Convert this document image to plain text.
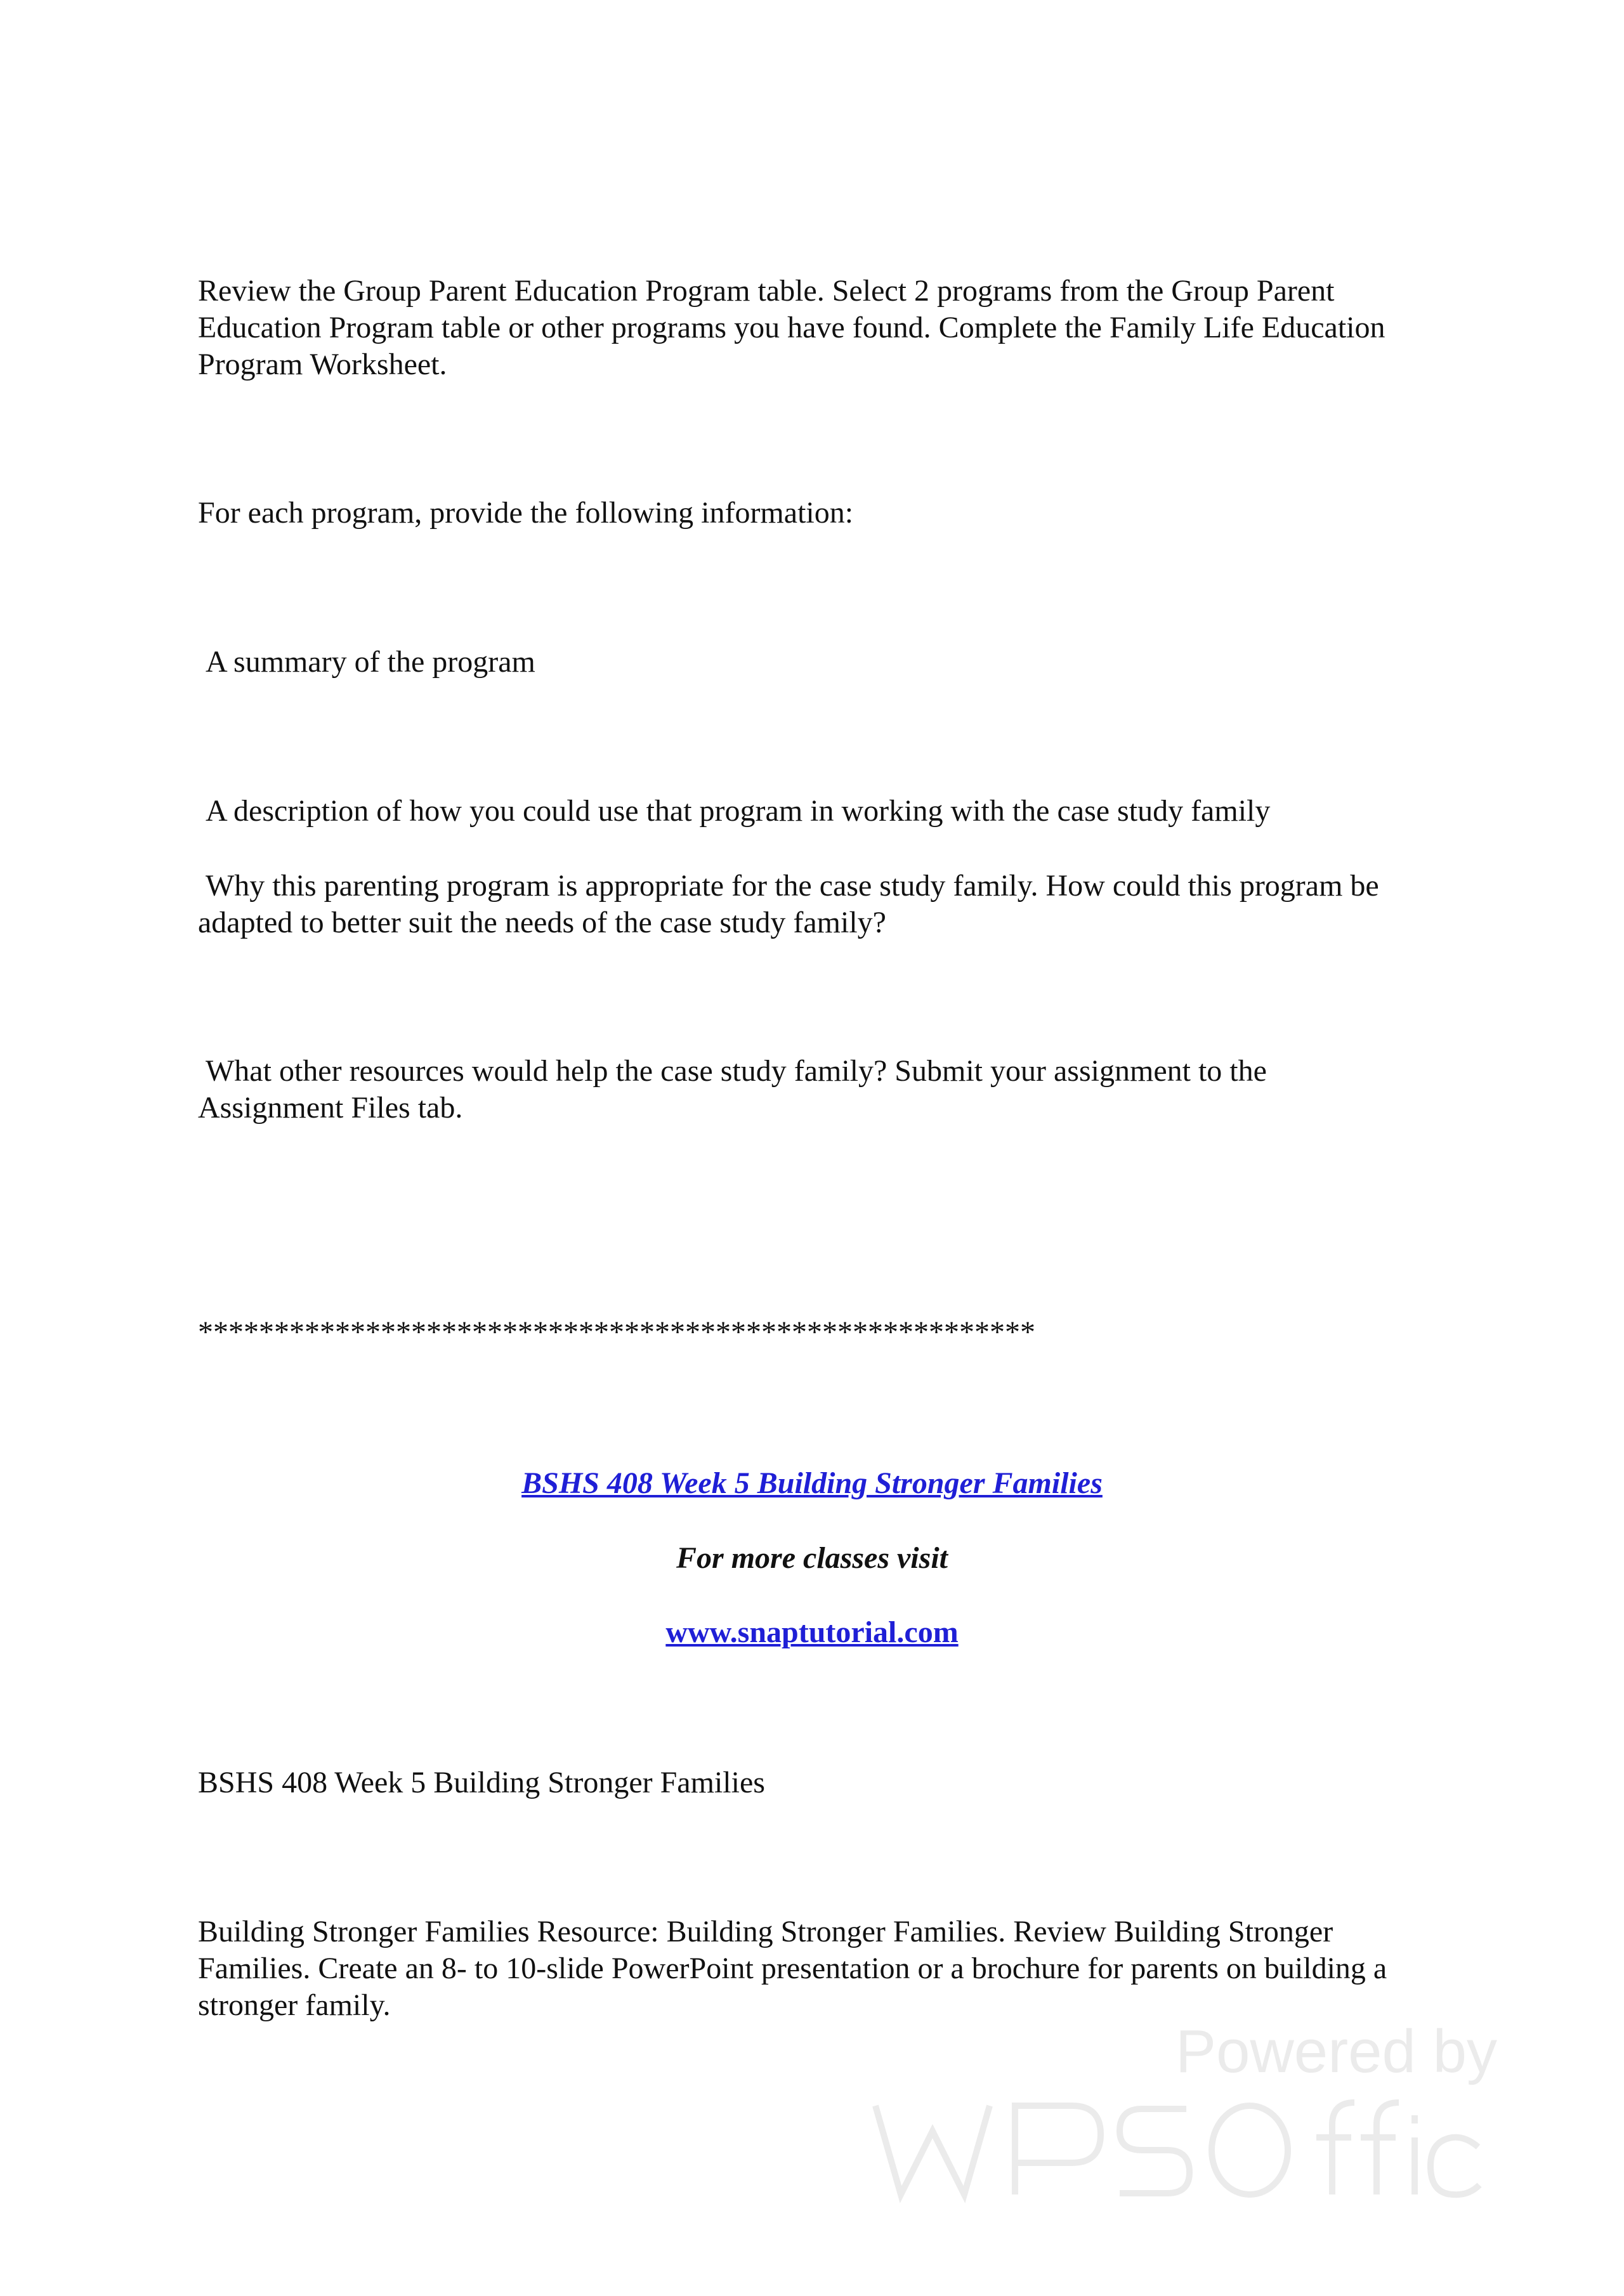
Review the Group Parent Education Program table. Select 2 programs from the Group Parent
Education Program table or other programs you have found. Complete the Family Life Education
Program Worksheet.
For each program, provide the following information:
A summary of the program
A description of how you could use that program in working with the case study family
Why this parenting program is appropriate for the case study family. How could this program be
adapted to better suit the needs of the case study family?
What other resources would help the case study family? Submit your assignment to the
Assignment Files tab.
*******************************************************
BSHS 408 Week 5 Building Stronger Families
For more classes visit
www.snaptutorial.com
BSHS 408 Week 5 Building Stronger Families
Building Stronger Families Resource: Building Stronger Families. Review Building Stronger
Families. Create an 8- to 10-slide PowerPoint presentation or a brochure for parents on building a
stronger family.
Powered by
